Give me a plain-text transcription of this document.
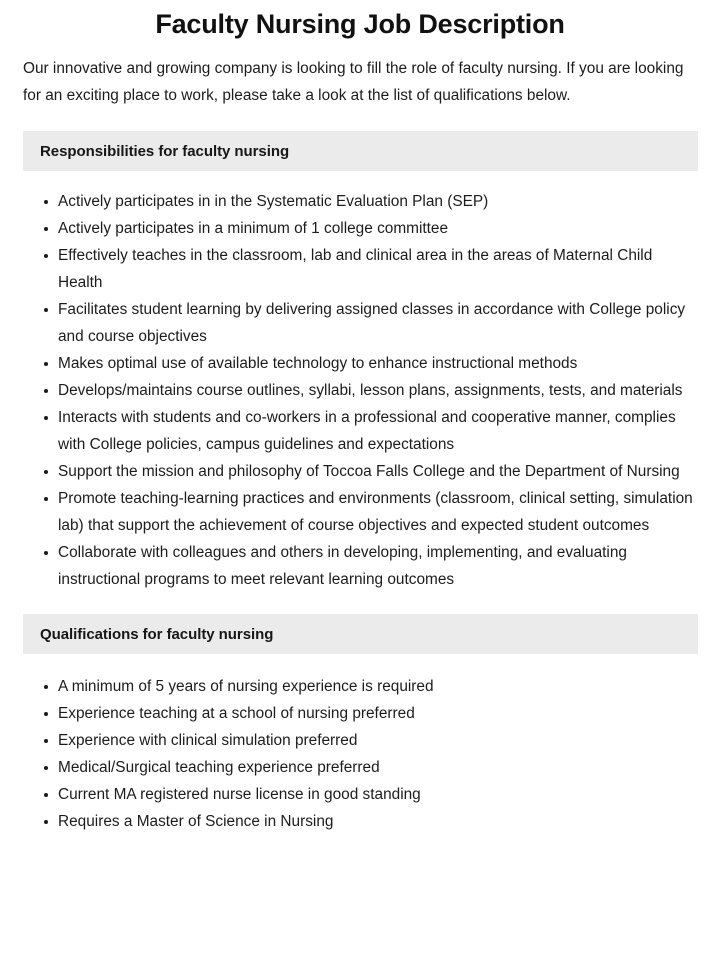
Faculty Nursing Job Description

Our innovative and growing company is looking to fill the role of faculty nursing. If you are looking for an exciting place to work, please take a look at the list of qualifications below.

Responsibilities for faculty nursing
Actively participates in in the Systematic Evaluation Plan (SEP)
Actively participates in a minimum of 1 college committee
Effectively teaches in the classroom, lab and clinical area in the areas of Maternal Child Health
Facilitates student learning by delivering assigned classes in accordance with College policy and course objectives
Makes optimal use of available technology to enhance instructional methods
Develops/maintains course outlines, syllabi, lesson plans, assignments, tests, and materials
Interacts with students and co-workers in a professional and cooperative manner, complies with College policies, campus guidelines and expectations
Support the mission and philosophy of Toccoa Falls College and the Department of Nursing
Promote teaching-learning practices and environments (classroom, clinical setting, simulation lab) that support the achievement of course objectives and expected student outcomes
Collaborate with colleagues and others in developing, implementing, and evaluating instructional programs to meet relevant learning outcomes
Qualifications for faculty nursing
A minimum of 5 years of nursing experience is required
Experience teaching at a school of nursing preferred
Experience with clinical simulation preferred
Medical/Surgical teaching experience preferred
Current MA registered nurse license in good standing
Requires a Master of Science in Nursing
